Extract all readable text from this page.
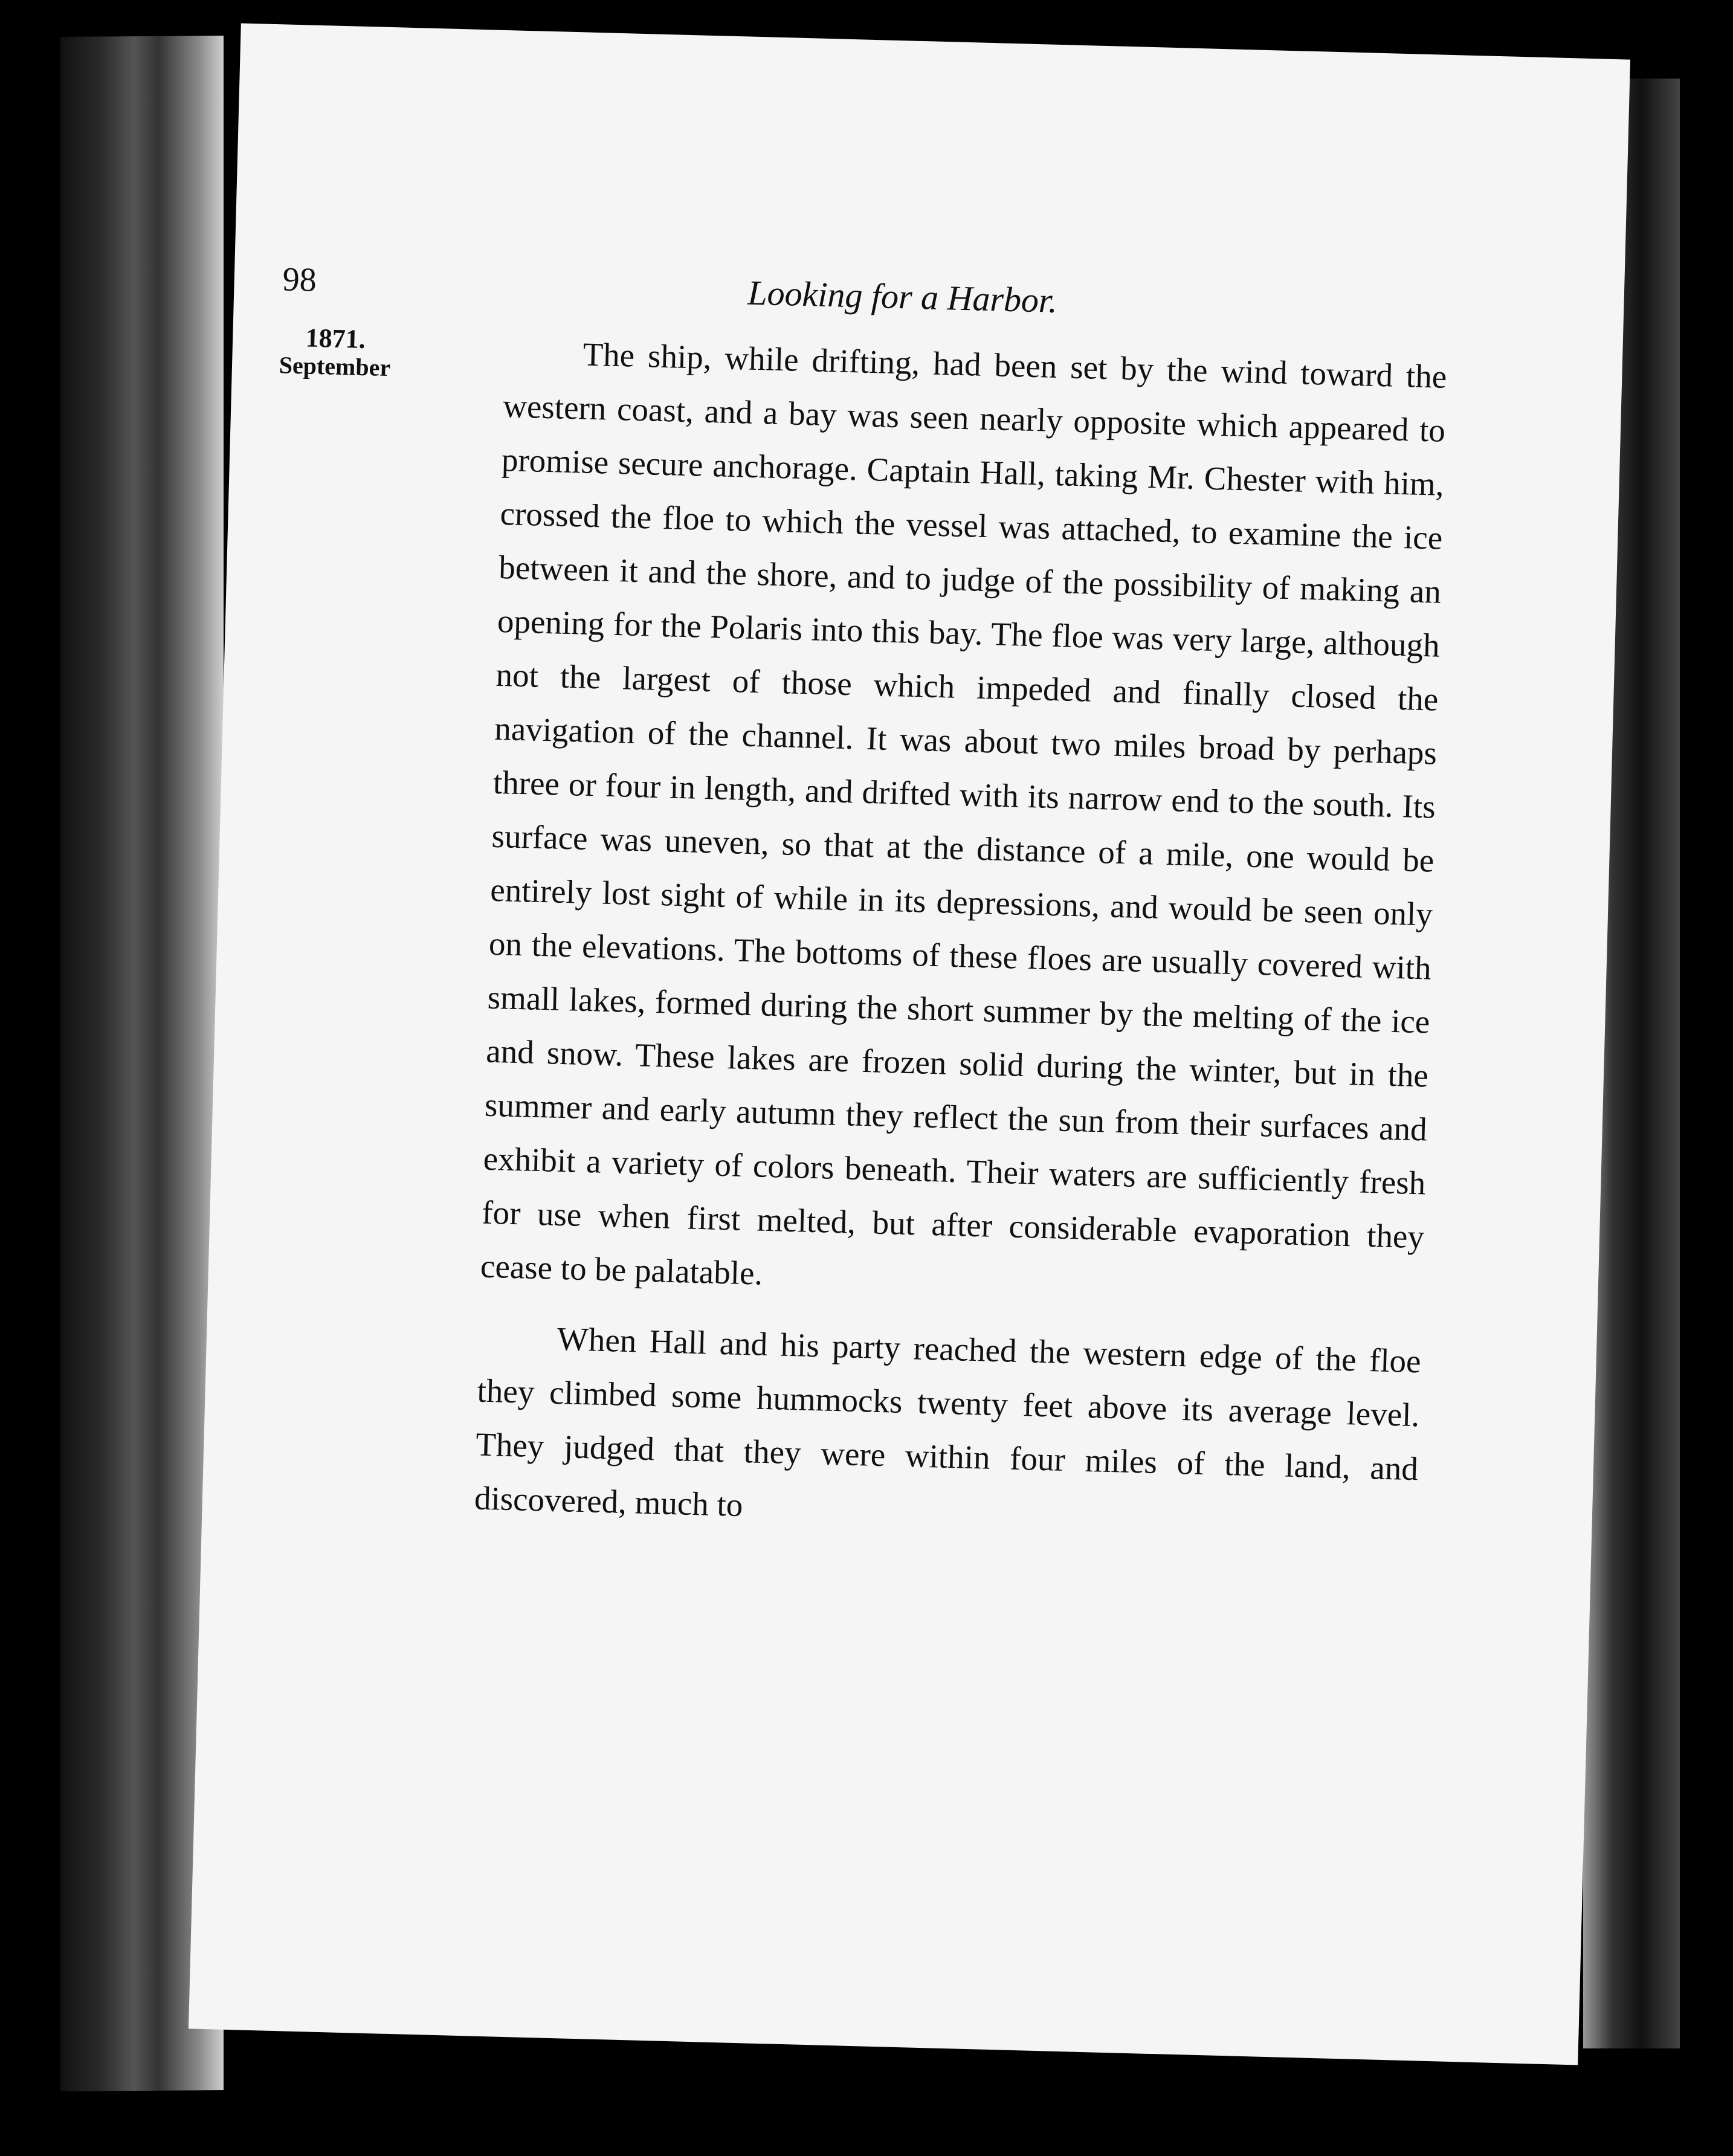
98	Looking for a Harbor.
1871.
September	The ship, while drifting, had been set by the wind toward the western coast, and a bay was seen nearly opposite which appeared to promise secure anchorage. Captain Hall, taking Mr. Chester with him, crossed the floe to which the vessel was attached, to examine the ice between it and the shore, and to judge of the possibility of making an opening for the Polaris into this bay. The floe was very large, although not the largest of those which impeded and finally closed the navigation of the channel. It was about two miles broad by perhaps three or four in length, and drifted with its narrow end to the south. Its surface was uneven, so that at the distance of a mile, one would be entirely lost sight of while in its depressions, and would be seen only on the elevations. The bottoms of these floes are usually covered with small lakes, formed during the short summer by the melting of the ice and snow. These lakes are frozen solid during the winter, but in the summer and early autumn they reflect the sun from their surfaces and exhibit a variety of colors beneath. Their waters are sufficiently fresh for use when first melted, but after considerable evaporation they cease to be palatable.

When Hall and his party reached the western edge of the floe they climbed some hummocks twenty feet above its average level. They judged that they were within four miles of the land, and discovered, much to
